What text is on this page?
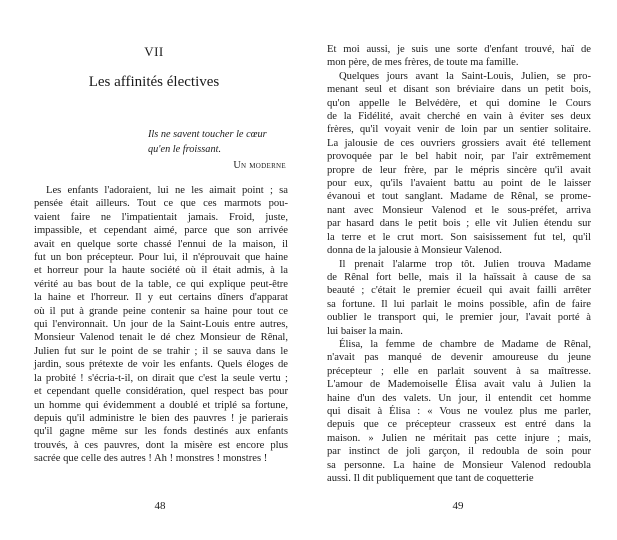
VII
Les affinités électives
Ils ne savent toucher le cœur qu'en le froissant.
Un moderne
Les enfants l'adoraient, lui ne les aimait point ; sa
pensée était ailleurs. Tout ce que ces marmots pou-
vaient faire ne l'impatientait jamais. Froid, juste,
impassible, et cependant aimé, parce que son arrivée
avait en quelque sorte chassé l'ennui de la maison, il
fut un bon précepteur. Pour lui, il n'éprouvait que haine
et horreur pour la haute société où il était admis, à la
vérité au bas bout de la table, ce qui explique peut-être
la haine et l'horreur. Il y eut certains dîners d'apparat
où il put à grande peine contenir sa haine pour tout ce
qui l'environnait. Un jour de la Saint-Louis entre autres,
Monsieur Valenod tenait le dé chez Monsieur de Rênal,
Julien fut sur le point de se trahir ; il se sauva dans le
jardin, sous prétexte de voir les enfants. Quels éloges de
la probité ! s'écria-t-il, on dirait que c'est la seule vertu ;
et cependant quelle considération, quel respect bas pour
un homme qui évidemment a doublé et triplé sa fortune,
depuis qu'il administre le bien des pauvres ! je parierais
qu'il gagne même sur les fonds destinés aux enfants
trouvés, à ces pauvres, dont la misère est encore plus
sacrée que celle des autres ! Ah ! monstres ! monstres !
48
Et moi aussi, je suis une sorte d'enfant trouvé, haï de
mon père, de mes frères, de toute ma famille.
Quelques jours avant la Saint-Louis, Julien, se pro-
menant seul et disant son bréviaire dans un petit bois,
qu'on appelle le Belvédère, et qui domine le Cours
de la Fidélité, avait cherché en vain à éviter ses deux
frères, qu'il voyait venir de loin par un sentier solitaire.
La jalousie de ces ouvriers grossiers avait été tellement
provoquée par le bel habit noir, par l'air extrêmement
propre de leur frère, par le mépris sincère qu'il avait
pour eux, qu'ils l'avaient battu au point de le laisser
évanoui et tout sanglant. Madame de Rênal, se prome-
nant avec Monsieur Valenod et le sous-préfet, arriva
par hasard dans le petit bois ; elle vit Julien étendu sur
la terre et le crut mort. Son saisissement fut tel, qu'il
donna de la jalousie à Monsieur Valenod.
Il prenait l'alarme trop tôt. Julien trouva Madame
de Rênal fort belle, mais il la haïssait à cause de sa
beauté ; c'était le premier écueil qui avait failli arrêter
sa fortune. Il lui parlait le moins possible, afin de faire
oublier le transport qui, le premier jour, l'avait porté à
lui baiser la main.
Élisa, la femme de chambre de Madame de Rênal,
n'avait pas manqué de devenir amoureuse du jeune
précepteur ; elle en parlait souvent à sa maîtresse.
L'amour de Mademoiselle Élisa avait valu à Julien la
haine d'un des valets. Un jour, il entendit cet homme
qui disait à Élisa : « Vous ne voulez plus me parler,
depuis que ce précepteur crasseux est entré dans la
maison. » Julien ne méritait pas cette injure ; mais,
par instinct de joli garçon, il redoubla de soin pour
sa personne. La haine de Monsieur Valenod redoubla
aussi. Il dit publiquement que tant de coquetterie
49
